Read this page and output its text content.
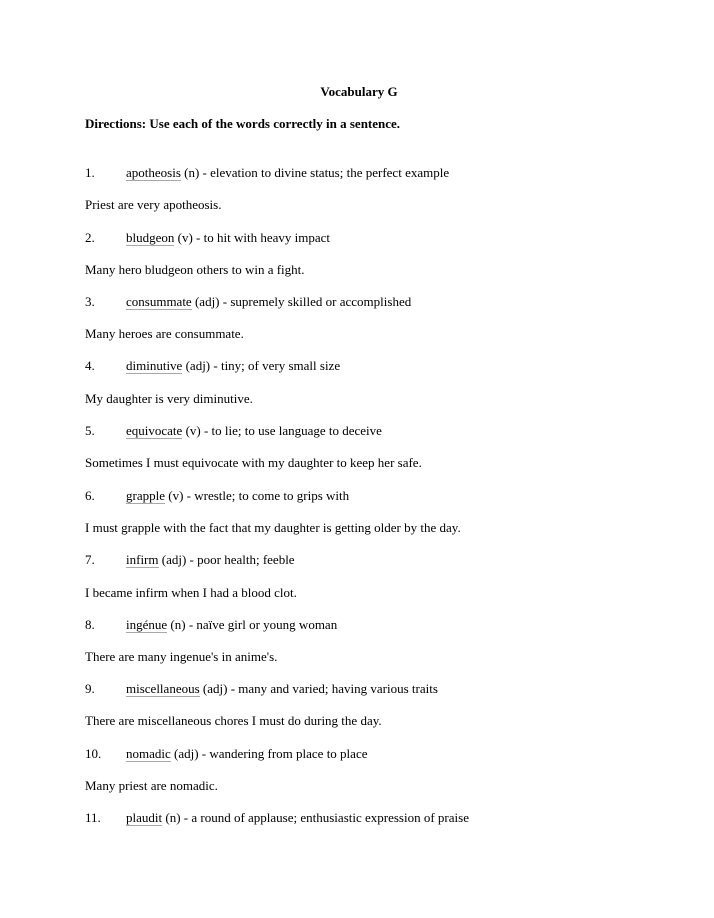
Vocabulary G
Directions: Use each of the words correctly in a sentence.
1. apotheosis (n) - elevation to divine status; the perfect example
Priest are very apotheosis.
2. bludgeon (v) - to hit with heavy impact
Many hero bludgeon others to win a fight.
3. consummate (adj) - supremely skilled or accomplished
Many heroes are consummate.
4. diminutive (adj) - tiny; of very small size
My daughter is very diminutive.
5. equivocate (v) - to lie; to use language to deceive
Sometimes I must equivocate with my daughter to keep her safe.
6. grapple (v) - wrestle; to come to grips with
I must grapple with the fact that my daughter is getting older by the day.
7. infirm (adj) - poor health; feeble
I became infirm when I had a blood clot.
8. ingénue (n) - naïve girl or young woman
There are many ingenue's in anime's.
9. miscellaneous (adj) - many and varied; having various traits
There are miscellaneous chores I must do during the day.
10. nomadic (adj) - wandering from place to place
Many priest are nomadic.
11. plaudit (n) - a round of applause; enthusiastic expression of praise
